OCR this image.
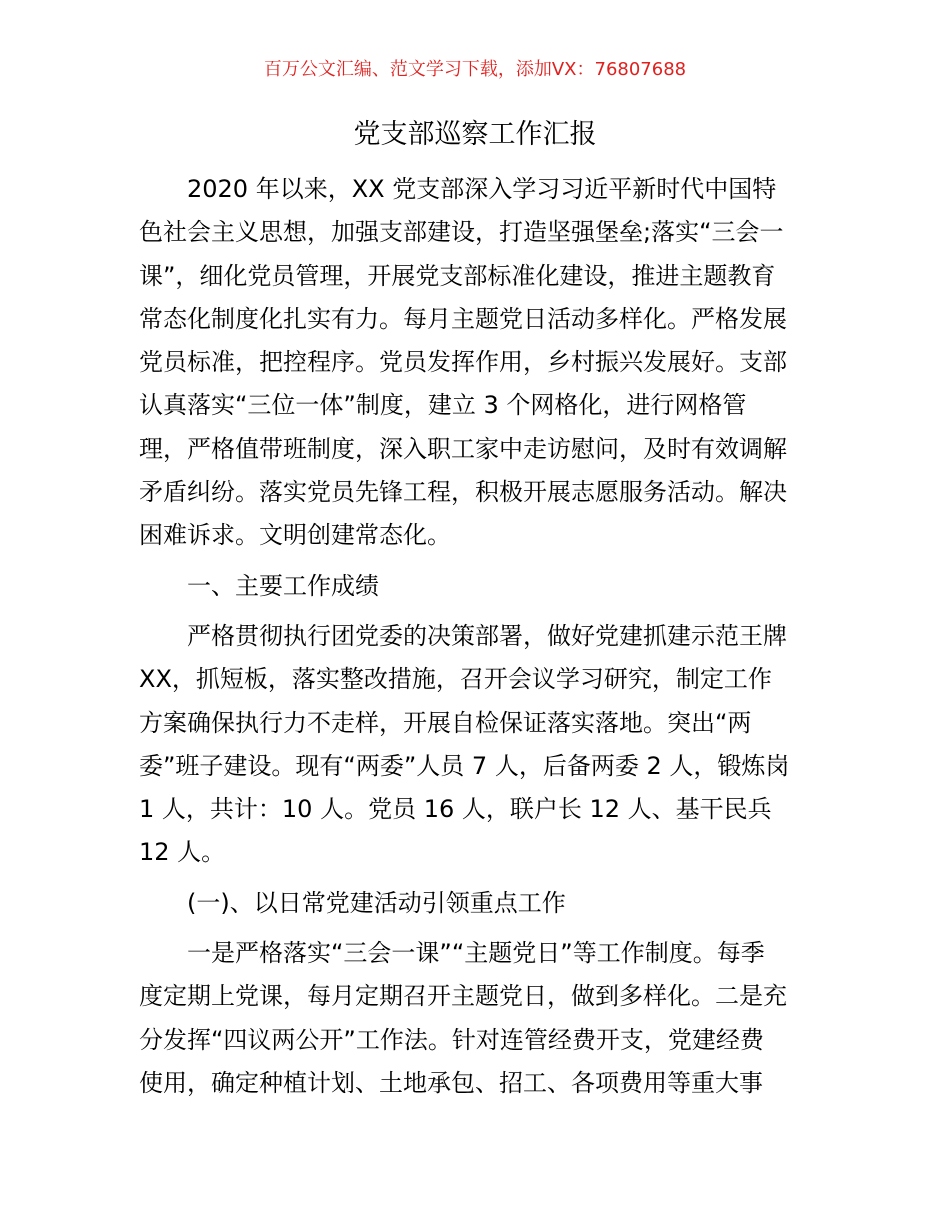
百万公文汇编、范文学习下载，添加VX：76807688
党支部巡察工作汇报
2020 年以来，XX 党支部深入学习习近平新时代中国特
色社会主义思想，加强支部建设，打造坚强堡垒;落实“三会一
课”，细化党员管理，开展党支部标准化建设，推进主题教育
常态化制度化扎实有力。每月主题党日活动多样化。严格发展
党员标准，把控程序。党员发挥作用，乡村振兴发展好。支部
认真落实“三位一体”制度，建立 3 个网格化，进行网格管
理，严格值带班制度，深入职工家中走访慰问，及时有效调解
矛盾纠纷。落实党员先锋工程，积极开展志愿服务活动。解决
困难诉求。文明创建常态化。
一、主要工作成绩
严格贯彻执行团党委的决策部署，做好党建抓建示范王牌
XX，抓短板，落实整改措施，召开会议学习研究，制定工作
方案确保执行力不走样，开展自检保证落实落地。突出“两
委”班子建设。现有“两委”人员 7 人，后备两委 2 人，锻炼岗
1 人，共计：10 人。党员 16 人，联户长 12 人、基干民兵
12 人。
(一)、以日常党建活动引领重点工作
一是严格落实“三会一课”“主题党日”等工作制度。每季
度定期上党课，每月定期召开主题党日，做到多样化。二是充
分发挥“四议两公开”工作法。针对连管经费开支，党建经费
使用，确定种植计划、土地承包、招工、各项费用等重大事
